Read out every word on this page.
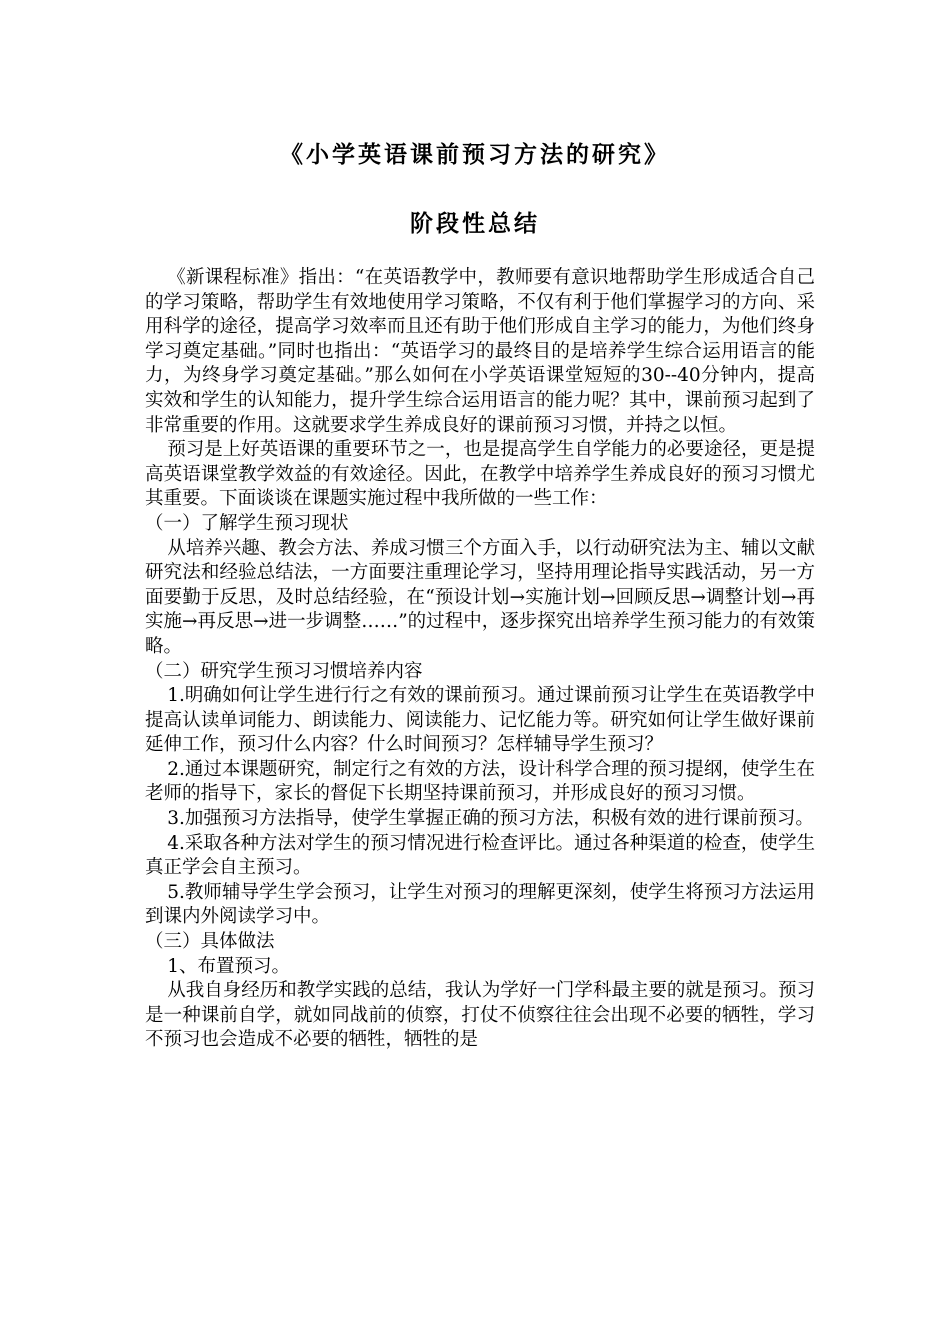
《小学英语课前预习方法的研究》
阶段性总结

《新课程标准》指出：“在英语教学中，教师要有意识地帮助学生形成适合自己的学习策略，帮助学生有效地使用学习策略，不仅有利于他们掌握学习的方向、采用科学的途径，提高学习效率而且还有助于他们形成自主学习的能力，为他们终身学习奠定基础。”同时也指出：“英语学习的最终目的是培养学生综合运用语言的能力，为终身学习奠定基础。”那么如何在小学英语课堂短短的30--40分钟内，提高实效和学生的认知能力，提升学生综合运用语言的能力呢？其中，课前预习起到了非常重要的作用。这就要求学生养成良好的课前预习习惯，并持之以恒。

预习是上好英语课的重要环节之一，也是提高学生自学能力的必要途径，更是提高英语课堂教学效益的有效途径。因此，在教学中培养学生养成良好的预习习惯尤其重要。下面谈谈在课题实施过程中我所做的一些工作：

（一）了解学生预习现状

从培养兴趣、教会方法、养成习惯三个方面入手，以行动研究法为主、辅以文献研究法和经验总结法，一方面要注重理论学习，坚持用理论指导实践活动，另一方面要勤于反思，及时总结经验，在“预设计划→实施计划→回顾反思→调整计划→再实施→再反思→进一步调整……”的过程中，逐步探究出培养学生预习能力的有效策略。

（二）研究学生预习习惯培养内容

1.明确如何让学生进行行之有效的课前预习。通过课前预习让学生在英语教学中提高认读单词能力、朗读能力、阅读能力、记忆能力等。研究如何让学生做好课前延伸工作，预习什么内容？什么时间预习？怎样辅导学生预习？

2.通过本课题研究，制定行之有效的方法，设计科学合理的预习提纲，使学生在老师的指导下，家长的督促下长期坚持课前预习，并形成良好的预习习惯。

3.加强预习方法指导，使学生掌握正确的预习方法，积极有效的进行课前预习。

4.采取各种方法对学生的预习情况进行检查评比。通过各种渠道的检查，使学生真正学会自主预习。

5.教师辅导学生学会预习，让学生对预习的理解更深刻，使学生将预习方法运用到课内外阅读学习中。

（三）具体做法

1、布置预习。

从我自身经历和教学实践的总结，我认为学好一门学科最主要的就是预习。预习是一种课前自学，就如同战前的侦察，打仗不侦察往往会出现不必要的牺牲，学习不预习也会造成不必要的牺牲，牺牲的是
